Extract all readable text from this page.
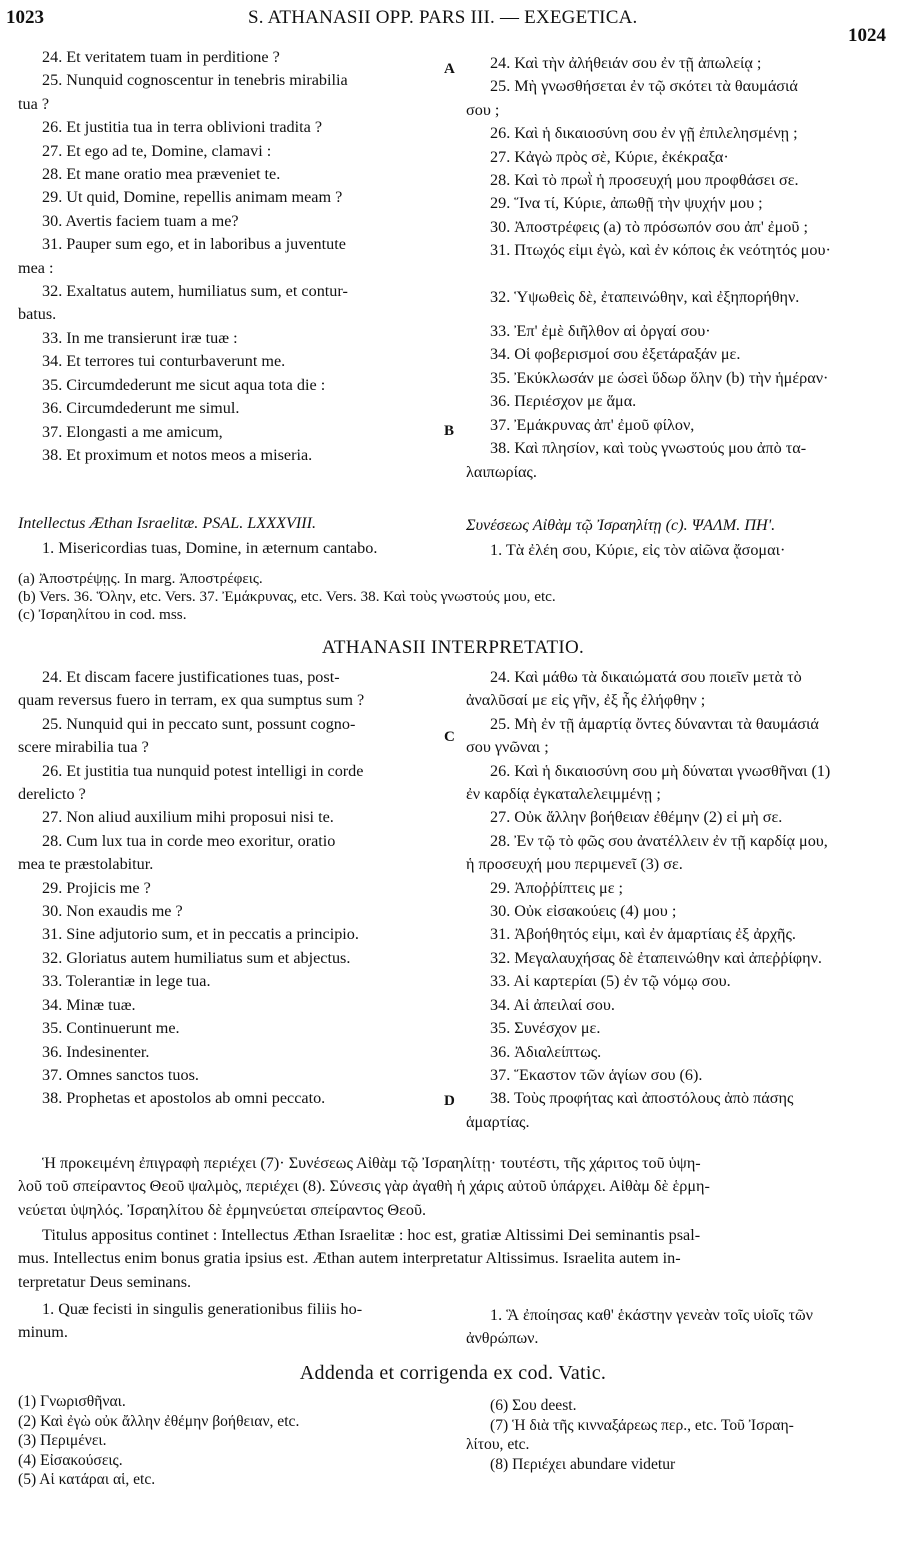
1023	S. ATHANASII OPP. PARS III. — EXEGETICA.
1024
24. Et veritatem tuam in perditione ?
25. Nunquid cognoscentur in tenebris mirabilia
tua ?
26. Et justitia tua in terra oblivioni tradita ?
27. Et ego ad te, Domine, clamavi :
28. Et mane oratio mea præveniet te.
29. Ut quid, Domine, repellis animam meam ?
30. Avertis faciem tuam a me?
31. Pauper sum ego, et in laboribus a juventute
mea :
32. Exaltatus autem, humiliatus sum, et contur-
batus.
33. In me transierunt iræ tuæ :
34. Et terrores tui conturbaverunt me.
35. Circumdederunt me sicut aqua tota die :
36. Circumdederunt me simul.
37. Elongasti a me amicum,
38. Et proximum et notos meos a miseria.
A
B
C
D
24. Καὶ τὴν ἀλήθειάν σου ἐν τῇ ἀπωλείᾳ ;
25. Μὴ γνωσθήσεται ἐν τῷ σκότει τὰ θαυμάσιά
σου ;
26. Καὶ ἡ δικαιοσύνη σου ἐν γῇ ἐπιλελησμένῃ ;
27. Κἀγὼ πρὸς σὲ, Κύριε, ἐκέκραξα·
28. Καὶ τὸ πρωῒ ἡ προσευχή μου προφθάσει σε.
29. Ἵνα τί, Κύριε, ἀπωθῇ τὴν ψυχήν μου ;
30. Ἀποστρέφεις (a) τὸ πρόσωπόν σου ἀπ' ἐμοῦ ;
31. Πτωχός εἰμι ἐγὼ, καὶ ἐν κόποις ἐκ νεότητός μου·
32. Ὑψωθεὶς δὲ, ἐταπεινώθην, καὶ ἐξηπορήθην.
33. Ἐπ' ἐμὲ διῆλθον αἱ ὀργαί σου·
34. Οἱ φοβερισμοί σου ἐξετάραξάν με.
35. Ἐκύκλωσάν με ὡσεὶ ὕδωρ ὅλην (b) τὴν ἡμέραν·
36. Περιέσχον με ἅμα.
37. Ἐμάκρυνας ἀπ' ἐμοῦ φίλον,
38. Καὶ πλησίον, καὶ τοὺς γνωστούς μου ἀπὸ τα-
λαιπωρίας.
Intellectus Æthan Israelitæ. PSAL. LXXXVIII.	Συνέσεως Αἰθὰμ τῷ Ἰσραηλίτῃ (c). ΨΑΛΜ. ΠΗ'.
1. Misericordias tuas, Domine, in æternum cantabo.	1. Τὰ ἐλέη σου, Κύριε, εἰς τὸν αἰῶνα ᾄσομαι·
(a) Ἀποστρέψῃς. In marg. Ἀποστρέφεις.
(b) Vers. 36. Ὅλην, etc. Vers. 37. Ἐμάκρυνας, etc. Vers. 38. Καὶ τοὺς γνωστούς μου, etc.
(c) Ἰσραηλίτου in cod. mss.
ATHANASII INTERPRETATIO.
24. Et discam facere justificationes tuas, post-
quam reversus fuero in terram, ex qua sumptus sum ?
25. Nunquid qui in peccato sunt, possunt cogno-
scere mirabilia tua ?
26. Et justitia tua nunquid potest intelligi in corde
derelicto ?
27. Non aliud auxilium mihi proposui nisi te.
28. Cum lux tua in corde meo exoritur, oratio
mea te præstolabitur.
29. Projicis me ?
30. Non exaudis me ?
31. Sine adjutorio sum, et in peccatis a principio.
32. Gloriatus autem humiliatus sum et abjectus.
33. Tolerantiæ in lege tua.
34. Minæ tuæ.
35. Continuerunt me.
36. Indesinenter.
37. Omnes sanctos tuos.
38. Prophetas et apostolos ab omni peccato.
24. Καὶ μάθω τὰ δικαιώματά σου ποιεῖν μετὰ τὸ
ἀναλῦσαί με εἰς γῆν, ἐξ ἧς ἐλήφθην ;
25. Μὴ ἐν τῇ ἁμαρτίᾳ ὄντες δύνανται τὰ θαυμάσιά
σου γνῶναι ;
26. Καὶ ἡ δικαιοσύνη σου μὴ δύναται γνωσθῆναι (1)
ἐν καρδίᾳ ἐγκαταλελειμμένῃ ;
27. Οὐκ ἄλλην βοήθειαν ἐθέμην (2) εἰ μὴ σε.
28. Ἐν τῷ τὸ φῶς σου ἀνατέλλειν ἐν τῇ καρδίᾳ μου,
ἡ προσευχή μου περιμενεῖ (3) σε.
29. Ἀποῤῥίπτεις με ;
30. Οὐκ εἰσακούεις (4) μου ;
31. Ἀβοήθητός εἰμι, καὶ ἐν ἁμαρτίαις ἐξ ἀρχῆς.
32. Μεγαλαυχήσας δὲ ἐταπεινώθην καὶ ἀπεῤῥίφην.
33. Αἱ καρτερίαι (5) ἐν τῷ νόμῳ σου.
34. Αἱ ἀπειλαί σου.
35. Συνέσχον με.
36. Ἀδιαλείπτως.
37. Ἕκαστον τῶν ἁγίων σου (6).
38. Τοὺς προφήτας καὶ ἀποστόλους ἀπὸ πάσης
ἁμαρτίας.
Ἡ προκειμένη ἐπιγραφὴ περιέχει (7)· Συνέσεως Αἰθὰμ τῷ Ἰσραηλίτῃ· τουτέστι, τῆς χάριτος τοῦ ὑψη-
λοῦ τοῦ σπείραντος Θεοῦ ψαλμὸς, περιέχει (8). Σύνεσις γὰρ ἀγαθὴ ἡ χάρις αὐτοῦ ὑπάρχει. Αἰθὰμ δὲ ἑρμη-
νεύεται ὑψηλός. Ἰσραηλίτου δὲ ἑρμηνεύεται σπείραντος Θεοῦ.
Titulus appositus continet : Intellectus Æthan Israelitæ : hoc est, gratiæ Altissimi Dei seminantis psal-
mus. Intellectus enim bonus gratia ipsius est. Æthan autem interpretatur Altissimus. Israelita autem in-
terpretatur Deus seminans.
1. Quæ fecisti in singulis generationibus filiis ho-
minum.
1. Ἃ ἐποίησας καθ' ἑκάστην γενεὰν τοῖς υἱοῖς τῶν
ἀνθρώπων.
Addenda et corrigenda ex cod. Vatic.
(1) Γνωρισθῆναι.
(2) Καὶ ἐγὼ οὐκ ἄλλην ἐθέμην βοήθειαν, etc.
(3) Περιμένει.
(4) Εἰσακούσεις.
(5) Αἱ κατάραι αἱ, etc.
(6) Σου deest.
(7) Ἡ διὰ τῆς κινναξάρεως περ., etc. Τοῦ Ἰσραη-
λίτου, etc.
(8) Περιέχει abundare videtur
